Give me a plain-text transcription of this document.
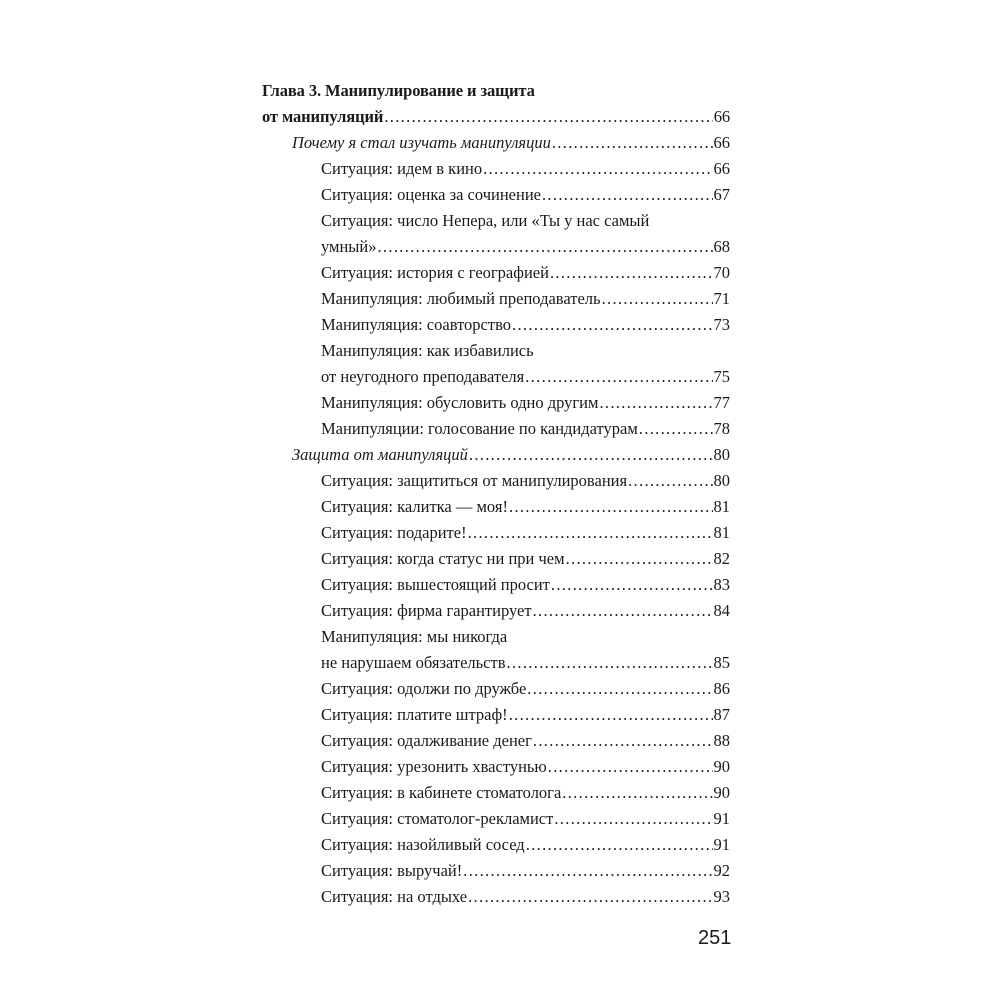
Глава 3. Манипулирование и защита
от манипуляций . . .	66
Почему я стал изучать манипуляции . . .	66
Ситуация: идем в кино . . .	66
Ситуация: оценка за сочинение . . .	67
Ситуация: число Непера, или «Ты у нас самый
умный» . . .	68
Ситуация: история с географией . . .	70
Манипуляция: любимый преподаватель . . .	71
Манипуляция: соавторство . . .	73
Манипуляция: как избавились
от неугодного преподавателя . . .	75
Манипуляция: обусловить одно другим . . .	77
Манипуляции: голосование по кандидатурам . . .	78
Защита от манипуляций . . .	80
Ситуация: защититься от манипулирования . . .	80
Ситуация: калитка — моя! . . .	81
Ситуация: подарите! . . .	81
Ситуация: когда статус ни при чем . . .	82
Ситуация: вышестоящий просит . . .	83
Ситуация: фирма гарантирует . . .	84
Манипуляция: мы никогда
не нарушаем обязательств . . .	85
Ситуация: одолжи по дружбе . . .	86
Ситуация: платите штраф! . . .	87
Ситуация: одалживание денег . . .	88
Ситуация: урезонить хвастунью . . .	90
Ситуация: в кабинете стоматолога . . .	90
Ситуация: стоматолог-рекламист . . .	91
Ситуация: назойливый сосед . . .	91
Ситуация: выручай! . . .	92
Ситуация: на отдыхе . . .	93
251
